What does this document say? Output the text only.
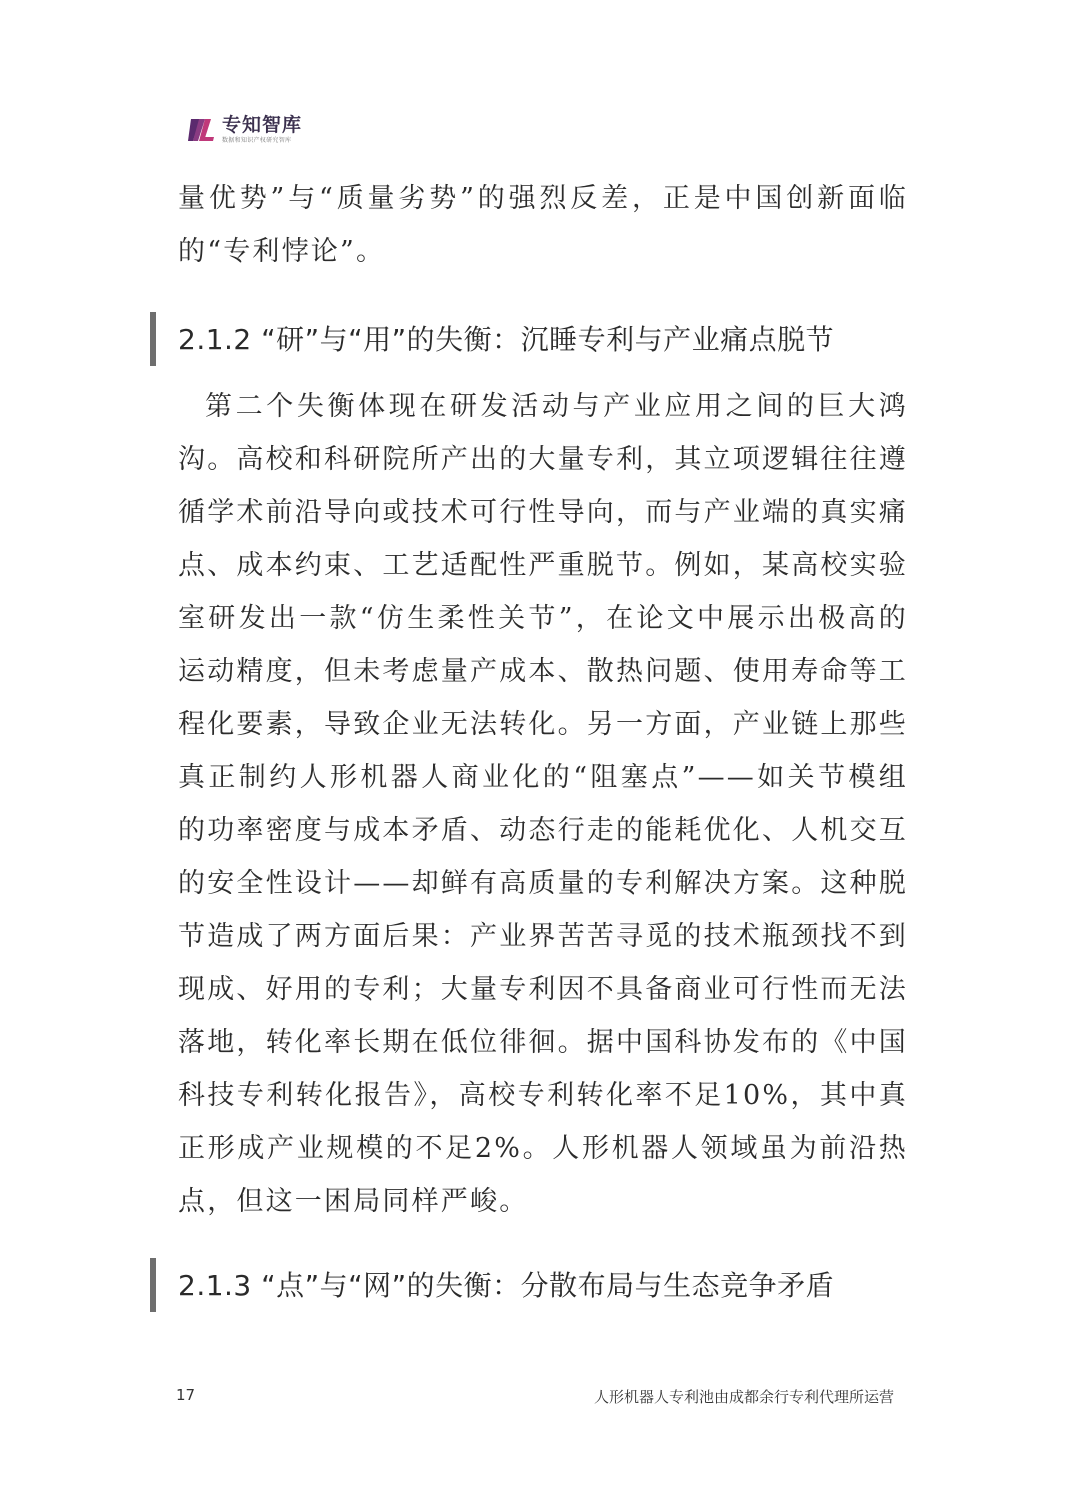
专知智库
数据和知识产权研究智库

量优势”与“质量劣势”的强烈反差，正是中国创新面临的“专利悖论”。

2.1.2 “研”与“用”的失衡：沉睡专利与产业痛点脱节

第二个失衡体现在研发活动与产业应用之间的巨大鸿沟。高校和科研院所产出的大量专利，其立项逻辑往往遵循学术前沿导向或技术可行性导向，而与产业端的真实痛点、成本约束、工艺适配性严重脱节。例如，某高校实验室研发出一款“仿生柔性关节”，在论文中展示出极高的运动精度，但未考虑量产成本、散热问题、使用寿命等工程化要素，导致企业无法转化。另一方面，产业链上那些真正制约人形机器人商业化的“阻塞点”——如关节模组的功率密度与成本矛盾、动态行走的能耗优化、人机交互的安全性设计——却鲜有高质量的专利解决方案。这种脱节造成了两方面后果：产业界苦苦寻觅的技术瓶颈找不到现成、好用的专利；大量专利因不具备商业可行性而无法落地，转化率长期在低位徘徊。据中国科协发布的《中国科技专利转化报告》，高校专利转化率不足10%，其中真正形成产业规模的不足2%。人形机器人领域虽为前沿热点，但这一困局同样严峻。

2.1.3 “点”与“网”的失衡：分散布局与生态竞争矛盾
17	人形机器人专利池由成都余行专利代理所运营
